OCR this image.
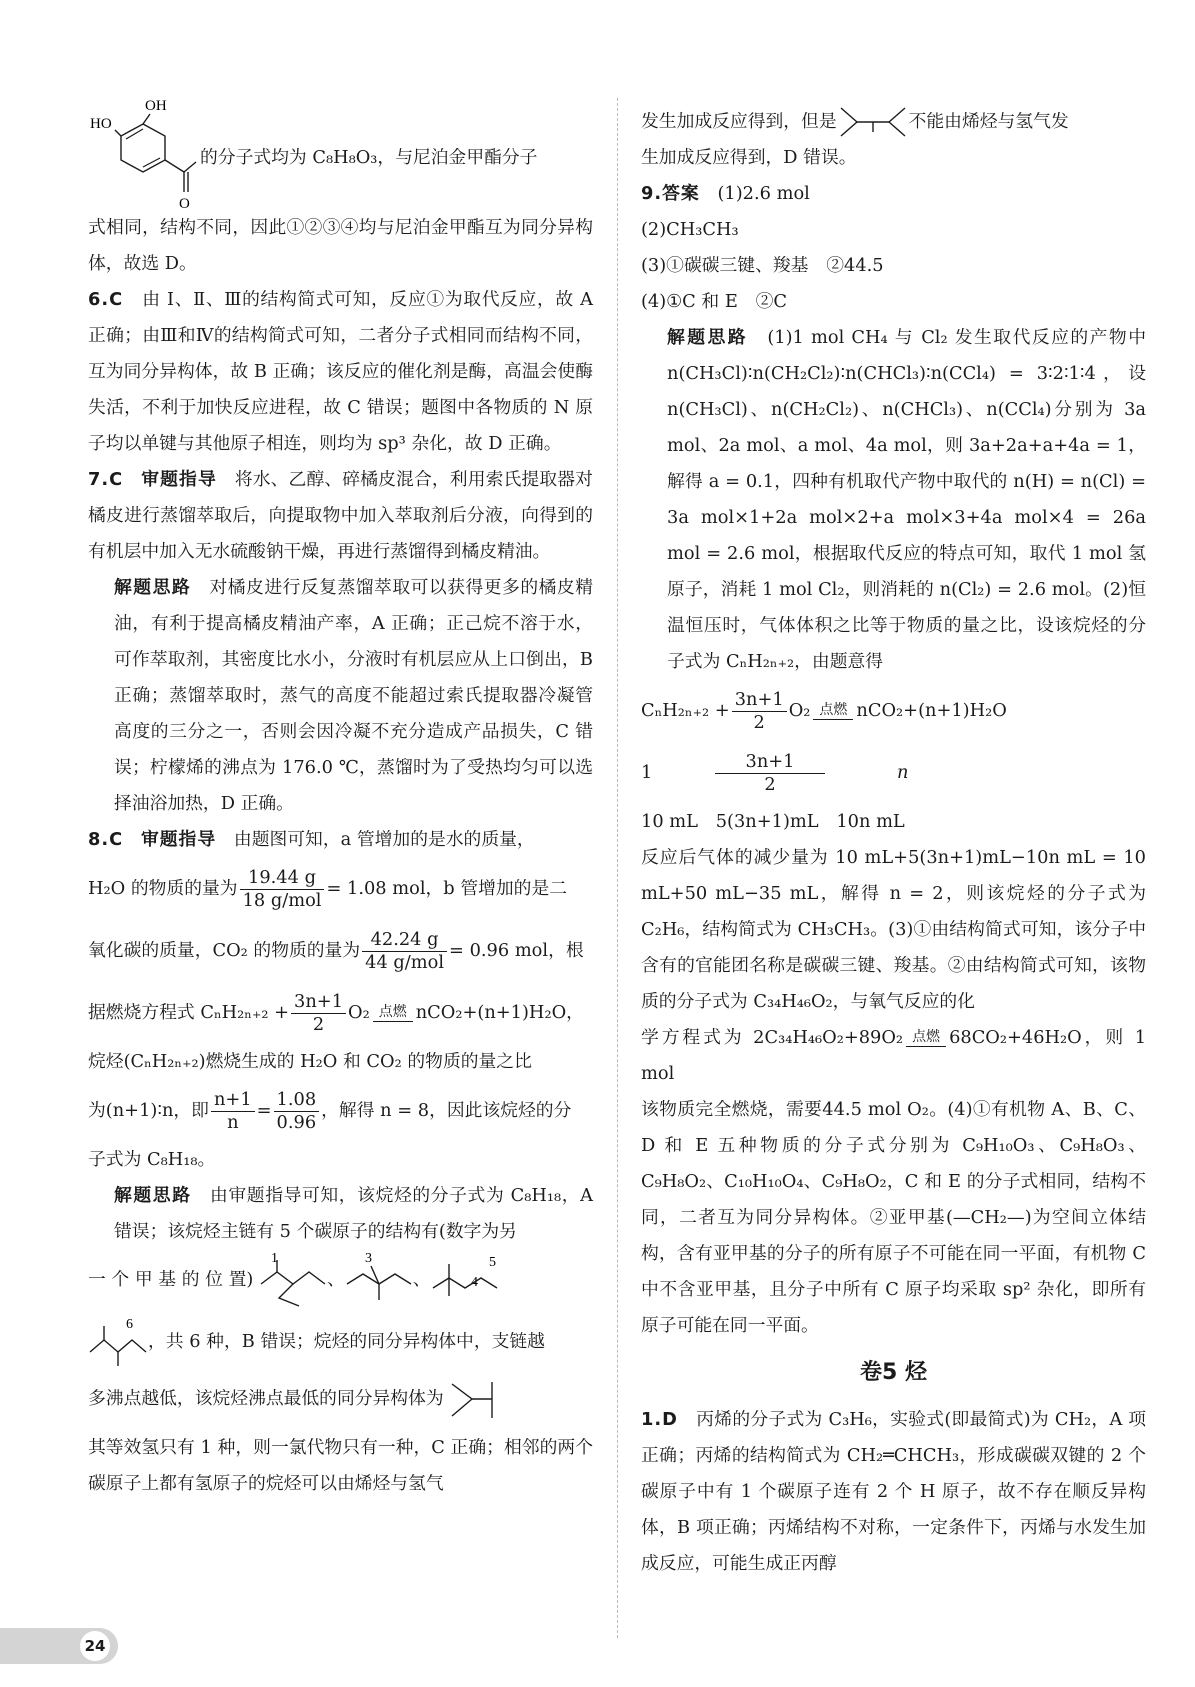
HO
OH
O

的分子式均为 C₈H₈O₃，与尼泊金甲酯分子

式相同，结构不同，因此①②③④均与尼泊金甲酯互为同分异构体，故选 D。

6.C　 由 Ⅰ、Ⅱ、Ⅲ的结构简式可知，反应①为取代反应，故 A 正确；由Ⅲ和Ⅳ的结构简式可知，二者分子式相同而结构不同，互为同分异构体，故 B 正确；该反应的催化剂是酶，高温会使酶失活，不利于加快反应进程，故 C 错误；题图中各物质的 N 原子均以单键与其他原子相连，则均为 sp³ 杂化，故 D 正确。

7.C　 审题指导　 将水、乙醇、碎橘皮混合，利用索氏提取器对橘皮进行蒸馏萃取后，向提取物中加入萃取剂后分液，向得到的有机层中加入无水硫酸钠干燥，再进行蒸馏得到橘皮精油。

解题思路　 对橘皮进行反复蒸馏萃取可以获得更多的橘皮精油，有利于提高橘皮精油产率，A 正确；正己烷不溶于水，可作萃取剂，其密度比水小，分液时有机层应从上口倒出，B 正确；蒸馏萃取时，蒸气的高度不能超过索氏提取器冷凝管高度的三分之一，否则会因冷凝不充分造成产品损失，C 错误；柠檬烯的沸点为 176.0 ℃，蒸馏时为了受热均匀可以选择油浴加热，D 正确。

8.C　 审题指导　 由题图可知，a 管增加的是水的质量，

H₂O 的物质的量为 $\frac{19.44 g}{\text{18 g/mol}} = 1.08$ mol，b 管增加的是二

氧化碳的质量，CO₂ 的物质的量为 $\frac{42.24 g}{\text{44 g/mol}} = 0.96$ mol，根

据燃烧方程式 $C_nH_{2n+2} + \frac{3n+1}{2} O_2$ 点燃 nCO₂+(n+1)H₂O，

烷烃(CₙH₂ₙ₊₂)燃烧生成的 H₂O 和 CO₂ 的物质的量之比

为(n+1)∶n，即 $\frac{n+1}{n} = \frac{1.08}{0.96}$ ，解得 n = 8，因此该烷烃的分

子式为 C₈H₁₈。

解题思路　 由审题指导可知，该烷烃的分子式为 C₈H₁₈，A 错误；该烷烃主链有 5 个碳原子的结构有(数字为另

一 个 甲 基 的 位 置)
1
、
3
、	4
5
6
，共 6 种，B 错误；烷烃的同分异构体中，支链越
多沸点越低，该烷烃沸点最低的同分异构体为

其等效氢只有 1 种，则一氯代物只有一种，C 正确；相邻的两个碳原子上都有氢原子的烷烃可以由烯烃与氢气

发生加成反应得到，但是	不能由烯烃与氢气发

生加成反应得到，D 错误。

9.答案　 (1)2.6 mol

(2)CH₃CH₃

(3)①碳碳三键、羧基　②44.5

(4)①C 和 E　②C

解题思路　 (1)1 mol CH₄ 与 Cl₂ 发生取代反应的产物中 n(CH₃Cl)∶n(CH₂Cl₂)∶n(CHCl₃)∶n(CCl₄) = 3∶2∶1∶4，设 n(CH₃Cl)、n(CH₂Cl₂)、n(CHCl₃)、n(CCl₄)分别为 3a mol、2a mol、a mol、4a mol，则 3a+2a+a+4a = 1，解得 a = 0.1，四种有机取代产物中取代的 n(H) = n(Cl) = 3a mol×1+2a mol×2+a mol×3+4a mol×4 = 26a mol = 2.6 mol，根据取代反应的特点可知，取代 1 mol 氢原子，消耗 1 mol Cl₂，则消耗的 n(Cl₂) = 2.6 mol。(2)恒温恒压时，气体体积之比等于物质的量之比，设该烷烃的分子式为 CₙH₂ₙ₊₂，由题意得

$C_nH_{2n+2} + \frac{3n+1}{2} O_2$ 点燃 nCO₂+(n+1)H₂O

1	$\frac{3n+1}{2}$	n

10 mL　5(3n+1)mL　10n mL

反应后气体的减少量为 10 mL+5(3n+1)mL−10n mL = 10 mL+50 mL−35 mL，解得 n = 2，则该烷烃的分子式为 C₂H₆，结构简式为 CH₃CH₃。(3)①由结构简式可知，该分子中含有的官能团名称是碳碳三键、羧基。②由结构简式可知，该物质的分子式为 C₃₄H₄₆O₂，与氧气反应的化

学方程式为 2C₃₄H₄₆O₂+89O₂ 点燃 68CO₂+46H₂O，则 1 mol

该物质完全燃烧，需要44.5 mol O₂。(4)①有机物 A、B、C、D 和 E 五种物质的分子式分别为 C₉H₁₀O₃、C₉H₈O₃、C₉H₈O₂、C₁₀H₁₀O₄、C₉H₈O₂，C 和 E 的分子式相同，结构不同，二者互为同分异构体。②亚甲基(—CH₂—)为空间立体结构，含有亚甲基的分子的所有原子不可能在同一平面，有机物 C 中不含亚甲基，且分子中所有 C 原子均采取 sp² 杂化，即所有原子可能在同一平面。

卷5 烃

1.D　 丙烯的分子式为 C₃H₆，实验式(即最简式)为 CH₂，A 项正确；丙烯的结构简式为 CH₂═CHCH₃，形成碳碳双键的 2 个碳原子中有 1 个碳原子连有 2 个 H 原子，故不存在顺反异构体，B 项正确；丙烯结构不对称，一定条件下，丙烯与水发生加成反应，可能生成正丙醇

24
